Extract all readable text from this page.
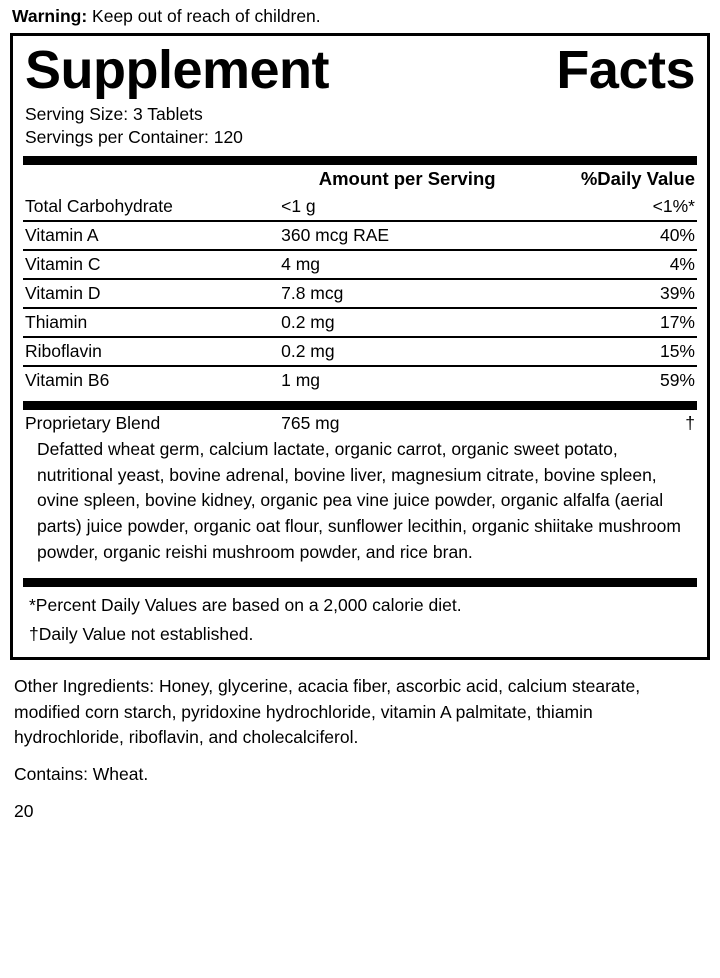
Warning: Keep out of reach of children.
Supplement	Facts
Serving Size: 3 Tablets
Servings per Container: 120
	Amount per Serving	%Daily Value
Total Carbohydrate	<1 g	<1%*
Vitamin A	360 mcg RAE	40%
Vitamin C	4 mg	4%
Vitamin D	7.8 mcg	39%
Thiamin	0.2 mg	17%
Riboflavin	0.2 mg	15%
Vitamin B6	1 mg	59%
Proprietary Blend	765 mg	†
Defatted wheat germ, calcium lactate, organic carrot, organic sweet potato, nutritional yeast, bovine adrenal, bovine liver, magnesium citrate, bovine spleen, ovine spleen, bovine kidney, organic pea vine juice powder, organic alfalfa (aerial parts) juice powder, organic oat flour, sunflower lecithin, organic shiitake mushroom powder, organic reishi mushroom powder, and rice bran.
*Percent Daily Values are based on a 2,000 calorie diet.
†Daily Value not established.
Other Ingredients: Honey, glycerine, acacia fiber, ascorbic acid, calcium stearate, modified corn starch, pyridoxine hydrochloride, vitamin A palmitate, thiamin hydrochloride, riboflavin, and cholecalciferol.
Contains: Wheat.
20
